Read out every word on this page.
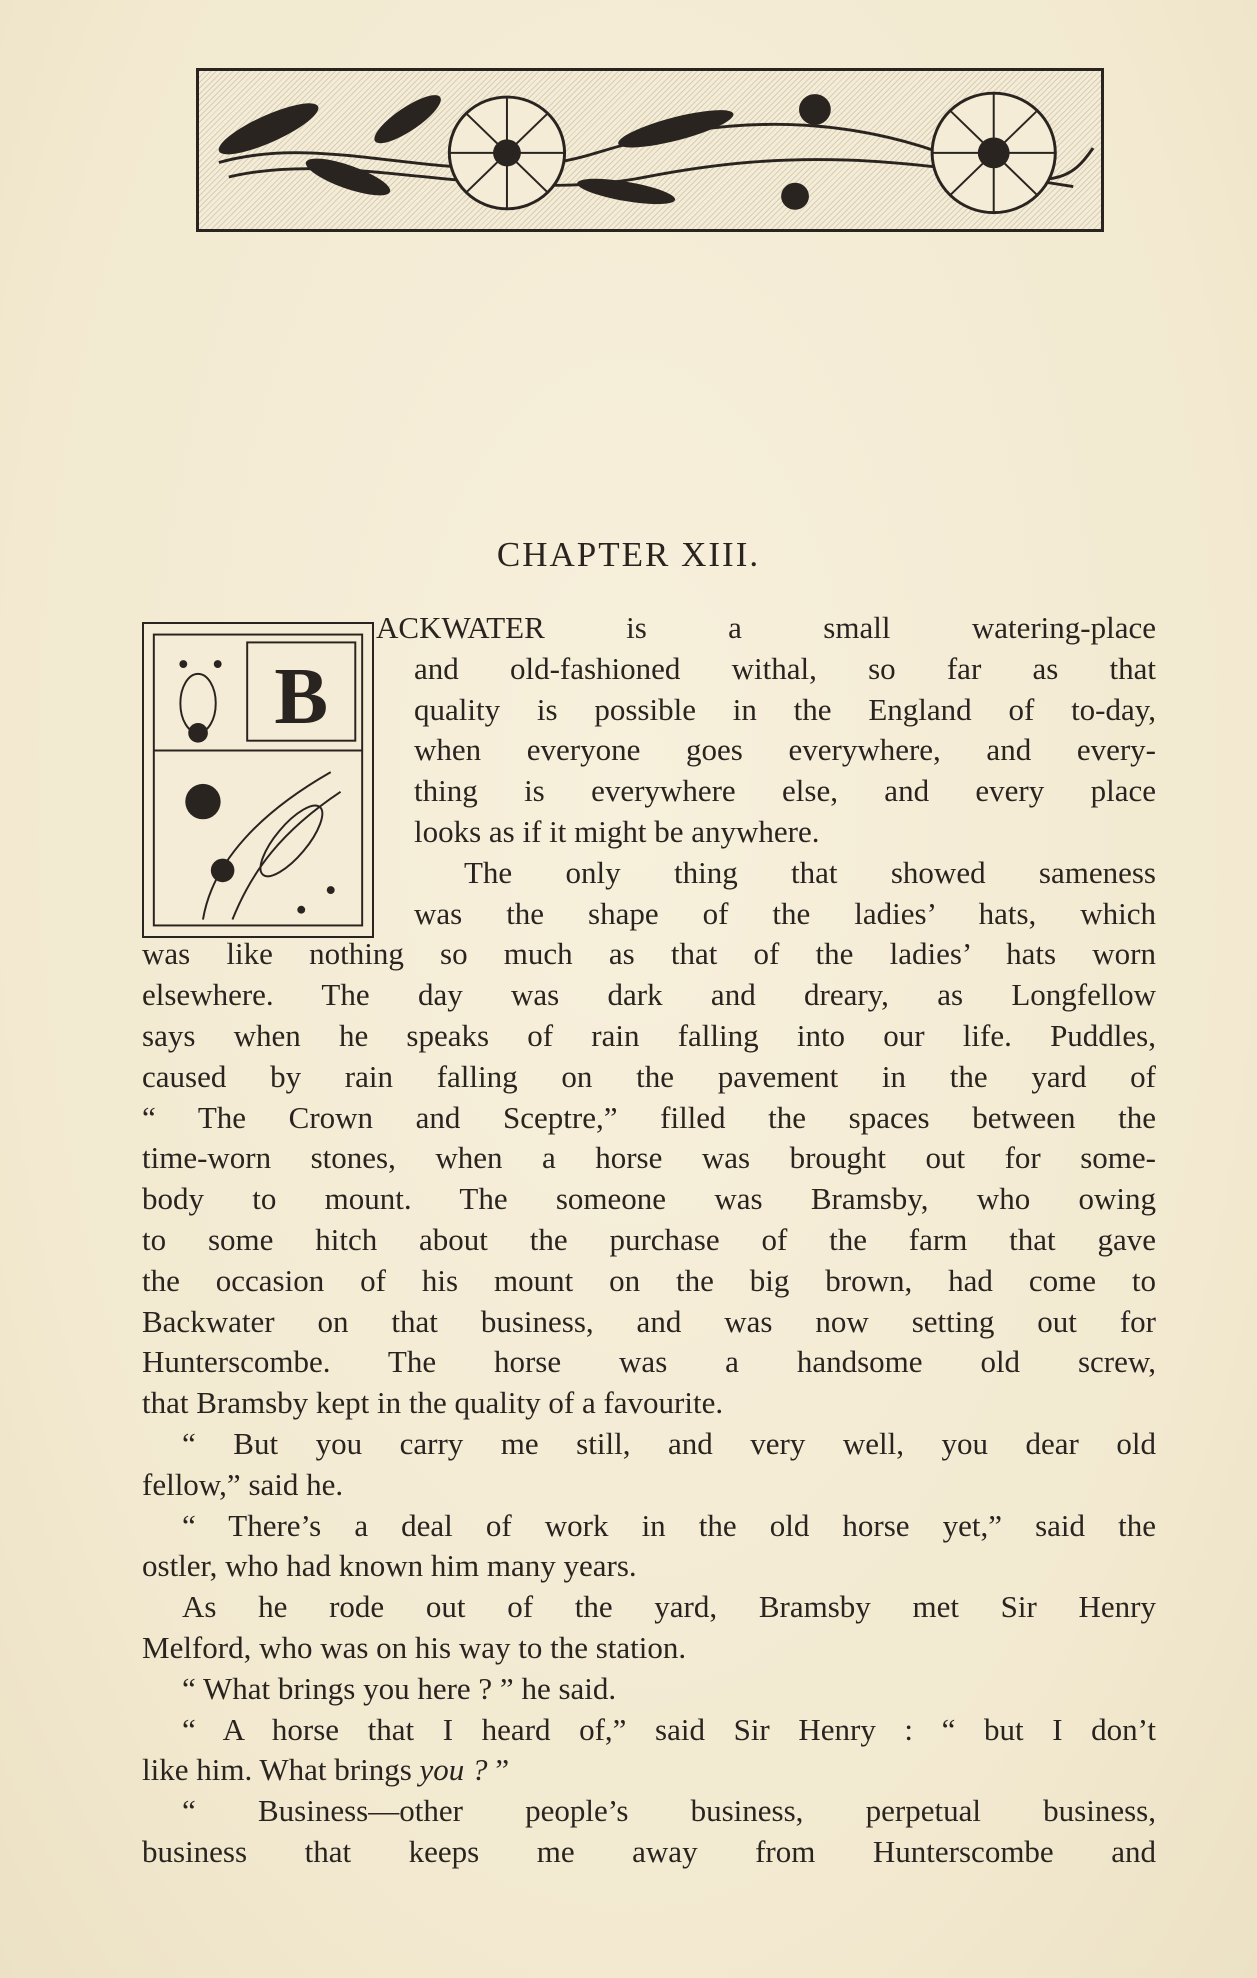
CHAPTER XIII.
B
ACKWATER is a small watering-place
and old-fashioned withal, so far as that
quality is possible in the England of to-day,
when everyone goes everywhere, and every-
thing is everywhere else, and every place
looks as if it might be anywhere.
The only thing that showed sameness
was the shape of the ladies’ hats, which
was like nothing so much as that of the ladies’ hats worn
elsewhere. The day was dark and dreary, as Longfellow
says when he speaks of rain falling into our life. Puddles,
caused by rain falling on the pavement in the yard of
“ The Crown and Sceptre,” filled the spaces between the
time-worn stones, when a horse was brought out for some-
body to mount. The someone was Bramsby, who owing
to some hitch about the purchase of the farm that gave
the occasion of his mount on the big brown, had come to
Backwater on that business, and was now setting out for
Hunterscombe. The horse was a handsome old screw,
that Bramsby kept in the quality of a favourite.
“ But you carry me still, and very well, you dear old
fellow,” said he.
“ There’s a deal of work in the old horse yet,” said the
ostler, who had known him many years.
As he rode out of the yard, Bramsby met Sir Henry
Melford, who was on his way to the station.
“ What brings you here ? ” he said.
“ A horse that I heard of,” said Sir Henry : “ but I don’t
like him. What brings you ? ”
“ Business—other people’s business, perpetual business,
business that keeps me away from Hunterscombe and
